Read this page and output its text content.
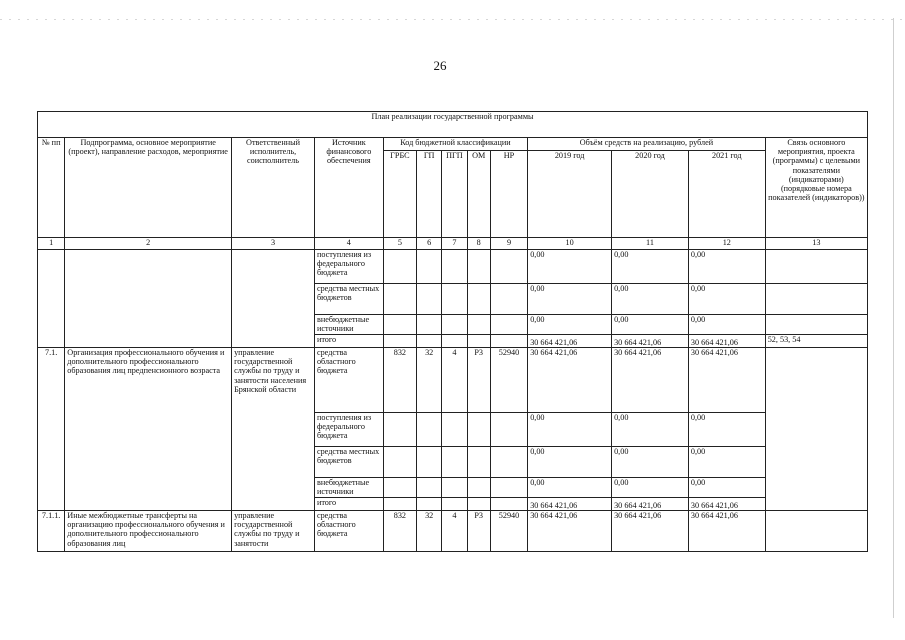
26
План реализации государственной программы												
№ пп	Подпрограмма, основное мероприятие (проект), направление расходов, мероприятие	Ответственный исполнитель, соисполнитель	Источник финансового обеспечения	Код бюджетной классификации					Объём средств на реализацию, рублей			Связь основного мероприятия, проекта (программы) с целевыми показателями (индикаторами) (порядковые номера показателей (индикаторов))
				ГРБС	ГП	ПГП	ОМ	НР	2019 год	2020 год	2021 год	
1	2	3	4	5	6	7	8	9	10	11	12	13
			поступления из федерального бюджета						0,00	0,00	0,00	
			средства местных бюджетов						0,00	0,00	0,00	
			внебюджетные источники						0,00	0,00	0,00	
			итого						30 664 421,06	30 664 421,06	30 664 421,06	52, 53, 54
7.1.	Организация профессионального обучения и дополнительного профессионального образования лиц предпенсионного возраста	управление государственной службы по труду и занятости населения Брянской области	средства областного бюджета	832	32	4	P3	52940	30 664 421,06	30 664 421,06	30 664 421,06	
			поступления из федерального бюджета						0,00	0,00	0,00	
			средства местных бюджетов						0,00	0,00	0,00	
			внебюджетные источники						0,00	0,00	0,00	
			итого						30 664 421,06	30 664 421,06	30 664 421,06	
7.1.1.	Иные межбюджетные трансферты на организацию профессионального обучения и дополнительного профессионального образования лиц	управление государственной службы по труду и занятости	средства областного бюджета	832	32	4	P3	52940	30 664 421,06	30 664 421,06	30 664 421,06	
